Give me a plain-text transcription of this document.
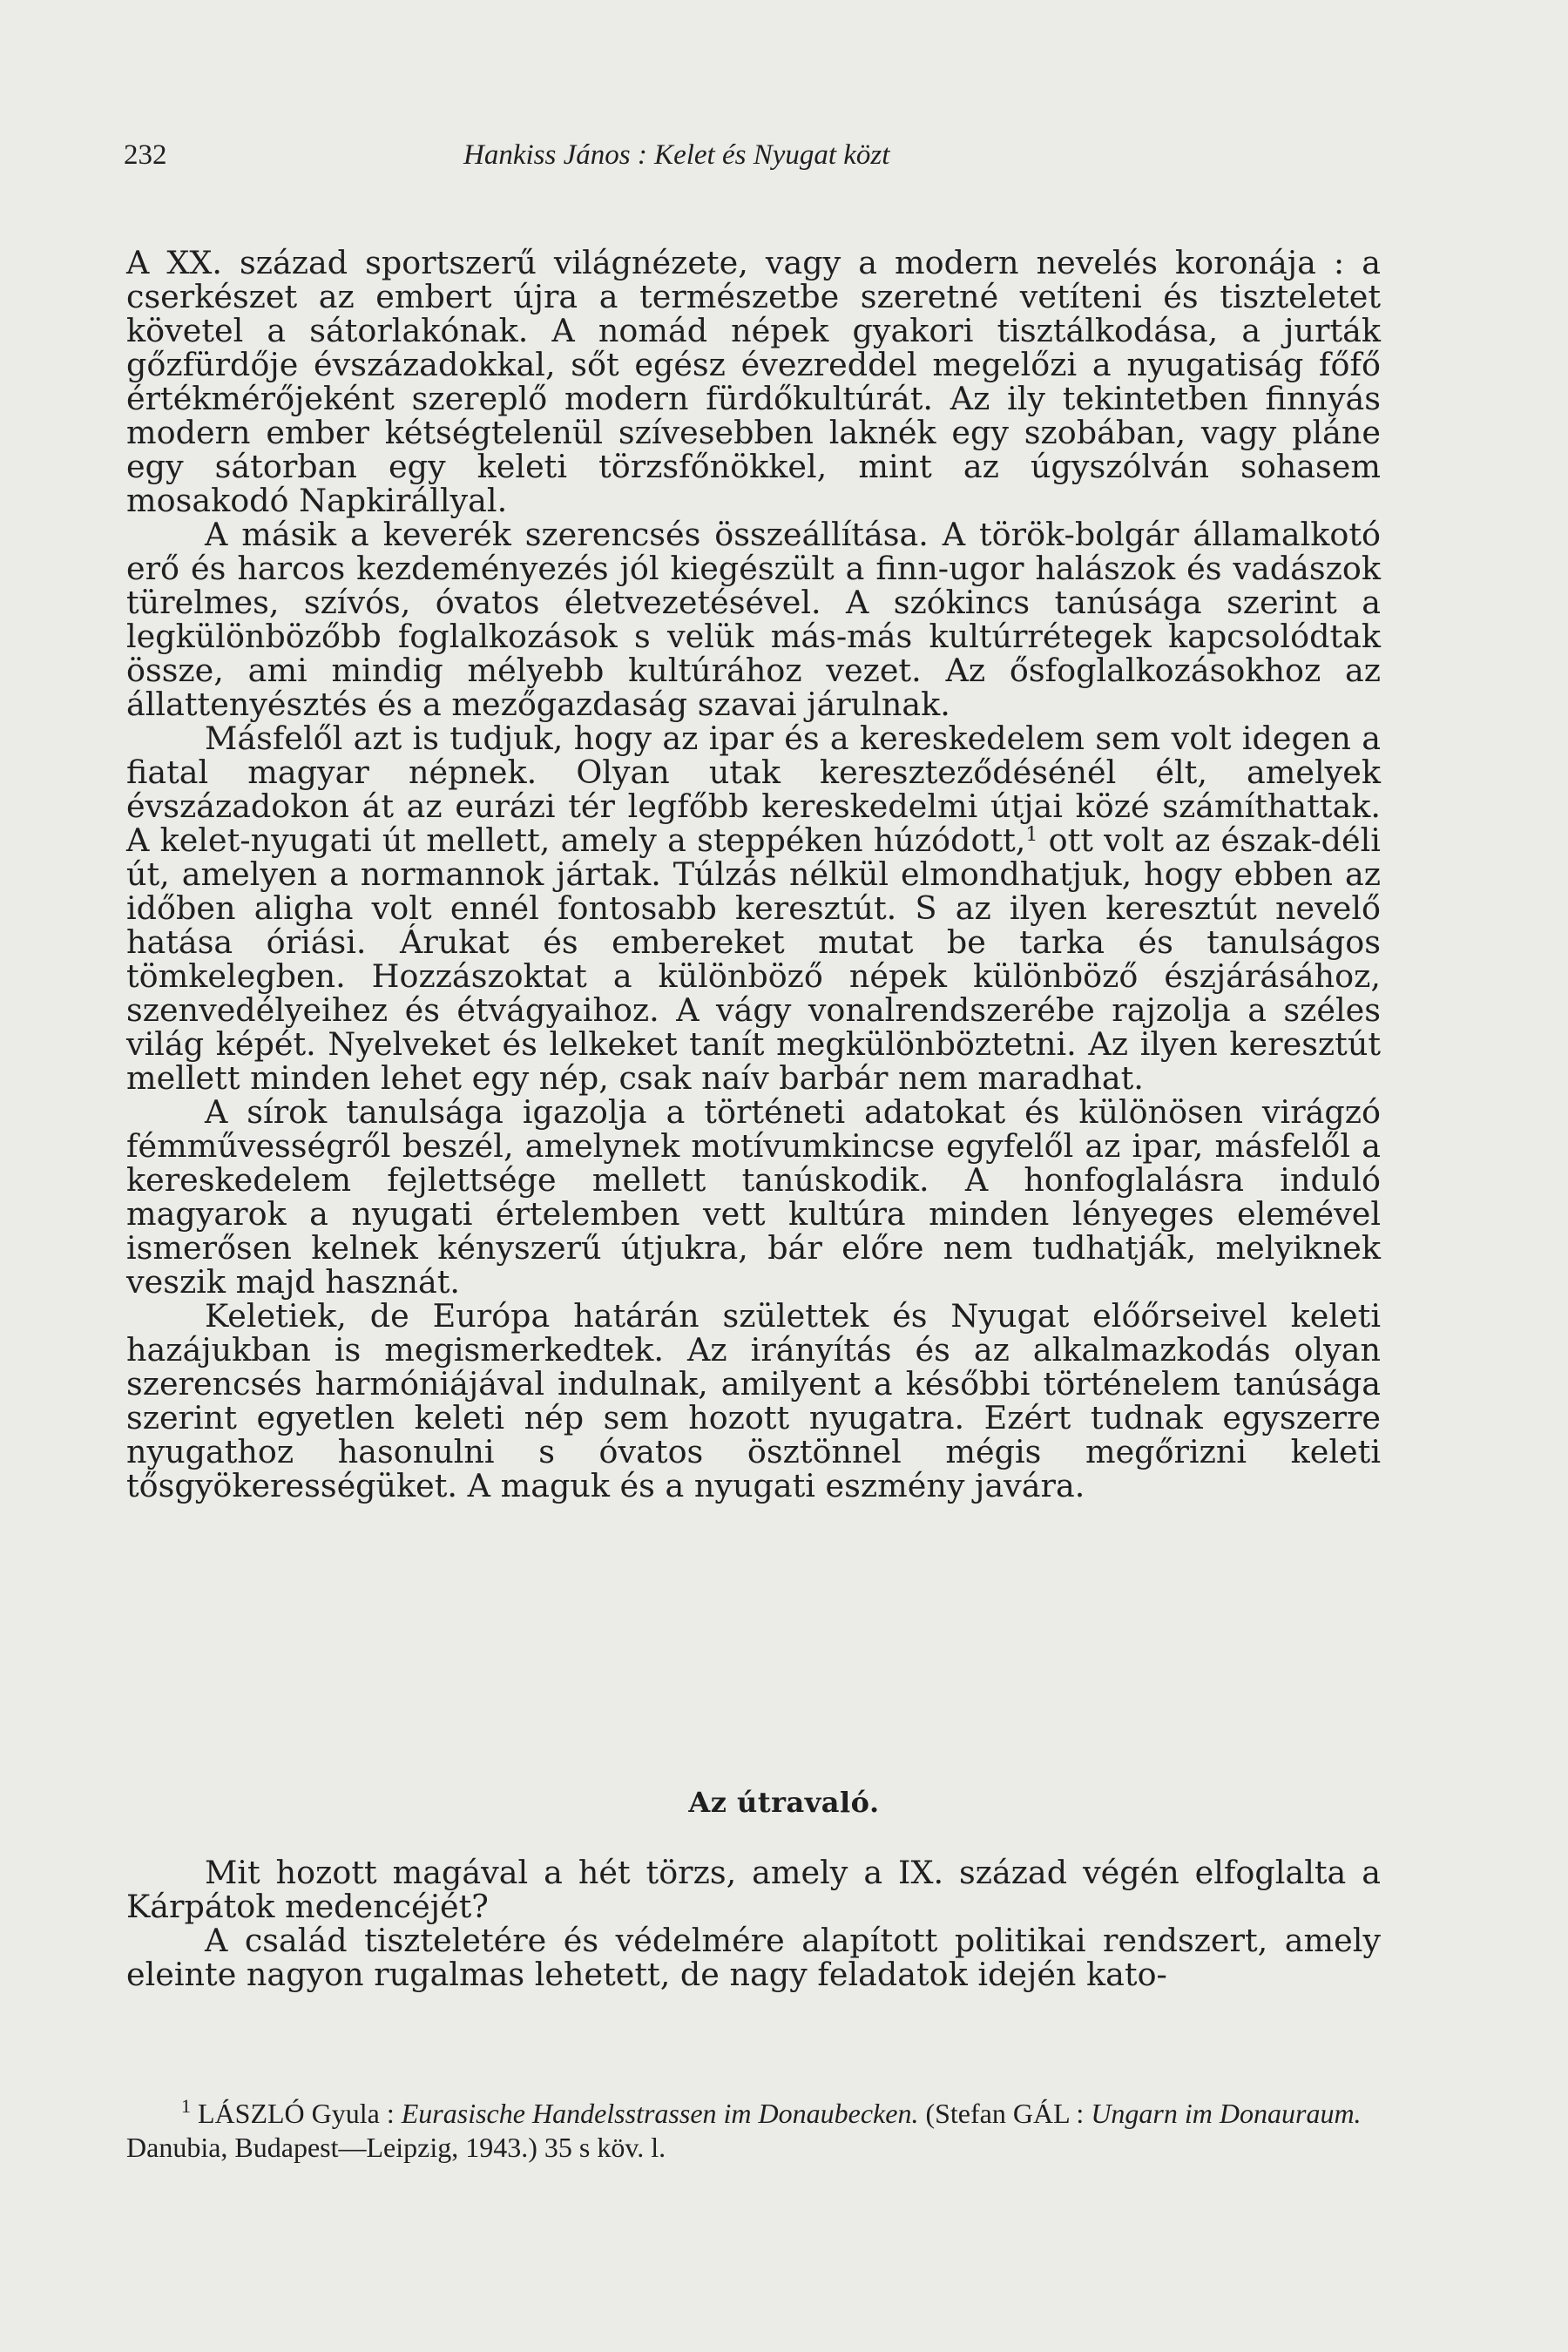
232	Hankiss János : Kelet és Nyugat közt

A XX. század sportszerű világnézete, vagy a modern nevelés koronája : a cserkészet az embert újra a természetbe szeretné vetíteni és tiszteletet követel a sátorlakónak. A nomád népek gyakori tisztálkodása, a jurták gőzfürdője évszázadokkal, sőt egész évezreddel megelőzi a nyugatiság főfő értékmérőjeként szereplő modern fürdőkultúrát. Az ily tekintetben finnyás modern ember kétségtelenül szívesebben laknék egy szobában, vagy pláne egy sátorban egy keleti törzsfőnökkel, mint az úgyszólván sohasem mosakodó Napkirállyal.

A másik a keverék szerencsés összeállítása. A török-bolgár államalkotó erő és harcos kezdeményezés jól kiegészült a finn-ugor halászok és vadászok türelmes, szívós, óvatos életvezetésével. A szókincs tanúsága szerint a legkülönbözőbb foglalkozások s velük más-más kultúrrétegek kapcsolódtak össze, ami mindig mélyebb kultúrához vezet. Az ősfoglalkozásokhoz az állattenyésztés és a mezőgazdaság szavai járulnak.

Másfelől azt is tudjuk, hogy az ipar és a kereskedelem sem volt idegen a fiatal magyar népnek. Olyan utak kereszteződésénél élt, amelyek évszázadokon át az eurázi tér legfőbb kereskedelmi útjai közé számíthattak. A kelet-nyugati út mellett, amely a steppéken húzódott,$^1$ ott volt az észak-déli út, amelyen a normannok jártak. Túlzás nélkül elmondhatjuk, hogy ebben az időben aligha volt ennél fontosabb keresztút. S az ilyen keresztút nevelő hatása óriási. Árukat és embereket mutat be tarka és tanulságos tömkelegben. Hozzászoktat a különböző népek különböző észjárásához, szenvedélyeihez és étvágyaihoz. A vágy vonalrendszerébe rajzolja a széles világ képét. Nyelveket és lelkeket tanít megkülönböztetni. Az ilyen keresztút mellett minden lehet egy nép, csak naív barbár nem maradhat.

A sírok tanulsága igazolja a történeti adatokat és különösen virágzó fémművességről beszél, amelynek motívumkincse egyfelől az ipar, másfelől a kereskedelem fejlettsége mellett tanúskodik. A honfoglalásra induló magyarok a nyugati értelemben vett kultúra minden lényeges elemével ismerősen kelnek kényszerű útjukra, bár előre nem tudhatják, melyiknek veszik majd hasznát.

Keletiek, de Európa határán születtek és Nyugat előőrseivel keleti hazájukban is megismerkedtek. Az irányítás és az alkalmazkodás olyan szerencsés harmóniájával indulnak, amilyent a későbbi történelem tanúsága szerint egyetlen keleti nép sem hozott nyugatra. Ezért tudnak egyszerre nyugathoz hasonulni s óvatos ösztönnel mégis megőrizni keleti tősgyökerességüket. A maguk és a nyugati eszmény javára.

Az útravaló.

Mit hozott magával a hét törzs, amely a IX. század végén elfoglalta a Kárpátok medencéjét?

A család tiszteletére és védelmére alapított politikai rendszert, amely eleinte nagyon rugalmas lehetett, de nagy feladatok idején kato-

$^1$ LÁSZLÓ Gyula : Eurasische Handelsstrassen im Donaubecken. (Stefan GÁL : Ungarn im Donauraum. Danubia, Budapest—Leipzig, 1943.) 35 s köv. l.
